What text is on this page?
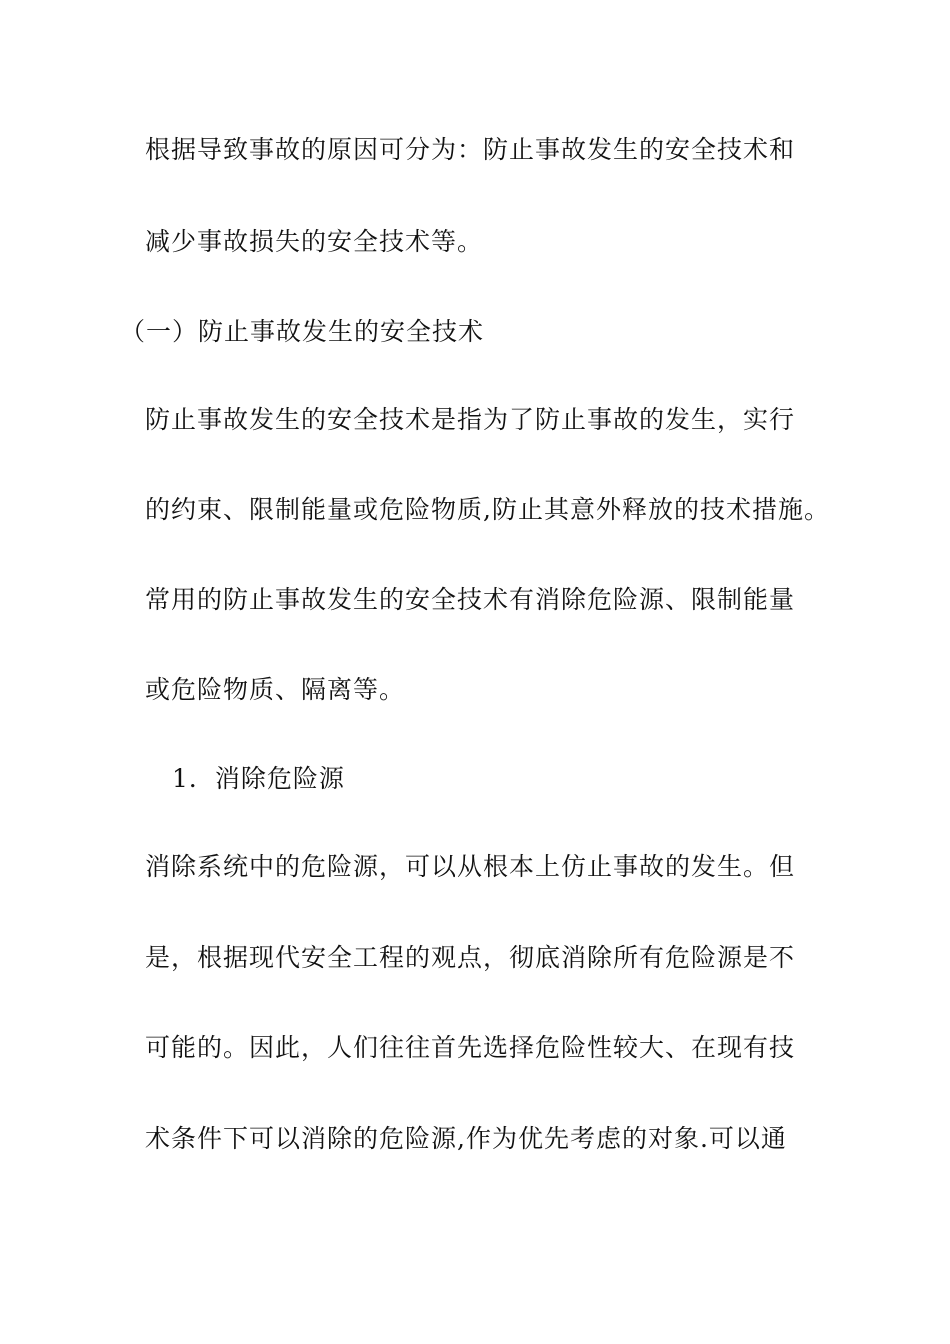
根据导致事故的原因可分为：防止事故发生的安全技术和

减少事故损失的安全技术等。

（一）防止事故发生的安全技术

防止事故发生的安全技术是指为了防止事故的发生，实行

的约束、限制能量或危险物质,防止其意外释放的技术措施。

常用的防止事故发生的安全技术有消除危险源、限制能量

或危险物质、隔离等。

1．消除危险源

消除系统中的危险源，可以从根本上仿止事故的发生。但

是，根据现代安全工程的观点，彻底消除所有危险源是不

可能的。因此，人们往往首先选择危险性较大、在现有技

术条件下可以消除的危险源,作为优先考虑的对象.可以通
